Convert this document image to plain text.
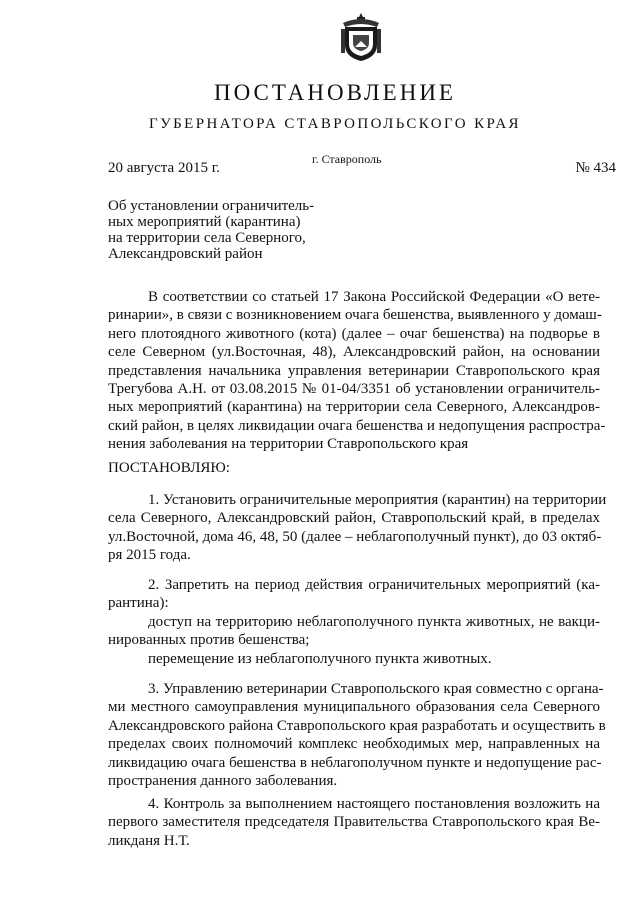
ПОСТАНОВЛЕНИЕ
ГУБЕРНАТОРА СТАВРОПОЛЬСКОГО КРАЯ
20 августа 2015 г.
г. Ставрополь
№ 434
Об установлении ограничитель-
ных мероприятий (карантина)
на территории села Северного,
Александровский район
В соответствии со статьей 17 Закона Российской Федерации «О вете-
ринарии», в связи с возникновением очага бешенства, выявленного у домаш-
него плотоядного животного (кота) (далее – очаг бешенства) на подворье в
селе Северном (ул.Восточная, 48), Александровский район, на основании
представления начальника управления ветеринарии Ставропольского края
Трегубова А.Н. от 03.08.2015 № 01-04/3351 об установлении ограничитель-
ных мероприятий (карантина) на территории села Северного, Александров-
ский район, в целях ликвидации очага бешенства и недопущения распростра-
нения заболевания на территории Ставропольского края
ПОСТАНОВЛЯЮ:
1. Установить ограничительные мероприятия (карантин) на территории
села Северного, Александровский район, Ставропольский край, в пределах
ул.Восточной, дома 46, 48, 50 (далее – неблагополучный пункт), до 03 октяб-
ря 2015 года.
2. Запретить на период действия ограничительных мероприятий (ка-
рантина):
доступ на территорию неблагополучного пункта животных, не вакци-
нированных против бешенства;
перемещение из неблагополучного пункта животных.
3. Управлению ветеринарии Ставропольского края совместно с органа-
ми местного самоуправления муниципального образования села Северного
Александровского района Ставропольского края разработать и осуществить в
пределах своих полномочий комплекс необходимых мер, направленных на
ликвидацию очага бешенства в неблагополучном пункте и недопущение рас-
пространения данного заболевания.
4. Контроль за выполнением настоящего постановления возложить на
первого заместителя председателя Правительства Ставропольского края Ве-
ликданя Н.Т.
